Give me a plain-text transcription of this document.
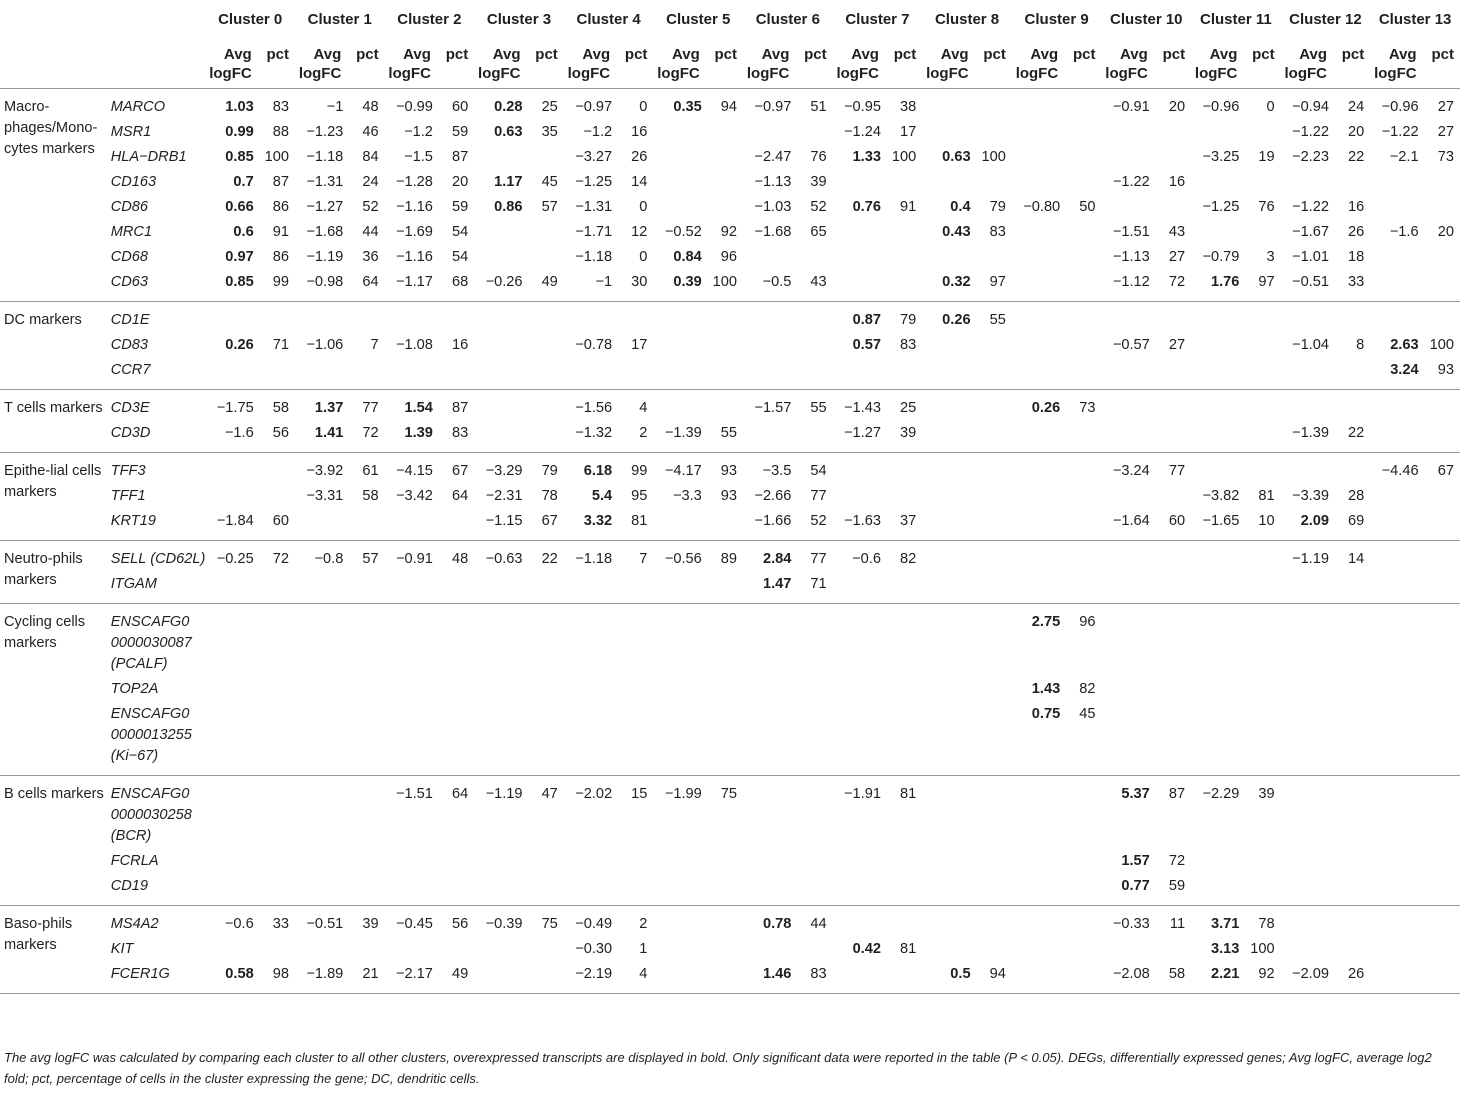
		Cluster 0		Cluster 1		Cluster 2		Cluster 3		Cluster 4		Cluster 5		Cluster 6		Cluster 7		Cluster 8		Cluster 9		Cluster 10		Cluster 11		Cluster 12		Cluster 13	
		Avg logFC	pct	Avg logFC	pct	Avg logFC	pct	Avg logFC	pct	Avg logFC	pct	Avg logFC	pct	Avg logFC	pct	Avg logFC	pct	Avg logFC	pct	Avg logFC	pct	Avg logFC	pct	Avg logFC	pct	Avg logFC	pct	Avg logFC	pct
Macro-phages/Mono-cytes markers	MARCO	1.03	83	−1	48	−0.99	60	0.28	25	−0.97	0	0.35	94	−0.97	51	−0.95	38					−0.91	20	−0.96	0	−0.94	24	−0.96	27
	MSR1	0.99	88	−1.23	46	−1.2	59	0.63	35	−1.2	16					−1.24	17									−1.22	20	−1.22	27
	HLA−DRB1	0.85	100	−1.18	84	−1.5	87			−3.27	26			−2.47	76	1.33	100	0.63	100					−3.25	19	−2.23	22	−2.1	73
	CD163	0.7	87	−1.31	24	−1.28	20	1.17	45	−1.25	14			−1.13	39							−1.22	16						
	CD86	0.66	86	−1.27	52	−1.16	59	0.86	57	−1.31	0			−1.03	52	0.76	91	0.4	79	−0.80	50			−1.25	76	−1.22	16		
	MRC1	0.6	91	−1.68	44	−1.69	54			−1.71	12	−0.52	92	−1.68	65			0.43	83			−1.51	43			−1.67	26	−1.6	20
	CD68	0.97	86	−1.19	36	−1.16	54			−1.18	0	0.84	96									−1.13	27	−0.79	3	−1.01	18		
	CD63	0.85	99	−0.98	64	−1.17	68	−0.26	49	−1	30	0.39	100	−0.5	43			0.32	97			−1.12	72	1.76	97	−0.51	33		
DC markers	CD1E															0.87	79	0.26	55										
	CD83	0.26	71	−1.06	7	−1.08	16			−0.78	17					0.57	83					−0.57	27			−1.04	8	2.63	100
	CCR7																											3.24	93
T cells markers	CD3E	−1.75	58	1.37	77	1.54	87			−1.56	4			−1.57	55	−1.43	25			0.26	73								
	CD3D	−1.6	56	1.41	72	1.39	83			−1.32	2	−1.39	55			−1.27	39									−1.39	22		
Epithe-lial cells markers	TFF3			−3.92	61	−4.15	67	−3.29	79	6.18	99	−4.17	93	−3.5	54							−3.24	77					−4.46	67
	TFF1			−3.31	58	−3.42	64	−2.31	78	5.4	95	−3.3	93	−2.66	77									−3.82	81	−3.39	28		
	KRT19	−1.84	60					−1.15	67	3.32	81			−1.66	52	−1.63	37					−1.64	60	−1.65	10	2.09	69		
Neutro-phils markers	SELL (CD62L)	−0.25	72	−0.8	57	−0.91	48	−0.63	22	−1.18	7	−0.56	89	2.84	77	−0.6	82									−1.19	14		
	ITGAM													1.47	71														
Cycling cells markers	ENSCAFG0 0000030087 (PCALF)																			2.75	96								
	TOP2A																			1.43	82								
	ENSCAFG0 0000013255 (Ki−67)																			0.75	45								
B cells markers	ENSCAFG0 0000030258 (BCR)					−1.51	64	−1.19	47	−2.02	15	−1.99	75			−1.91	81					5.37	87	−2.29	39				
	FCRLA																					1.57	72						
	CD19																					0.77	59						
Baso-phils markers	MS4A2	−0.6	33	−0.51	39	−0.45	56	−0.39	75	−0.49	2			0.78	44							−0.33	11	3.71	78				
	KIT									−0.30	1					0.42	81							3.13	100				
	FCER1G	0.58	98	−1.89	21	−2.17	49			−2.19	4			1.46	83			0.5	94			−2.08	58	2.21	92	−2.09	26		
The avg logFC was calculated by comparing each cluster to all other clusters, overexpressed transcripts are displayed in bold. Only significant data were reported in the table (P < 0.05). DEGs, differentially expressed genes; Avg logFC, average log2 fold; pct, percentage of cells in the cluster expressing the gene; DC, dendritic cells.
